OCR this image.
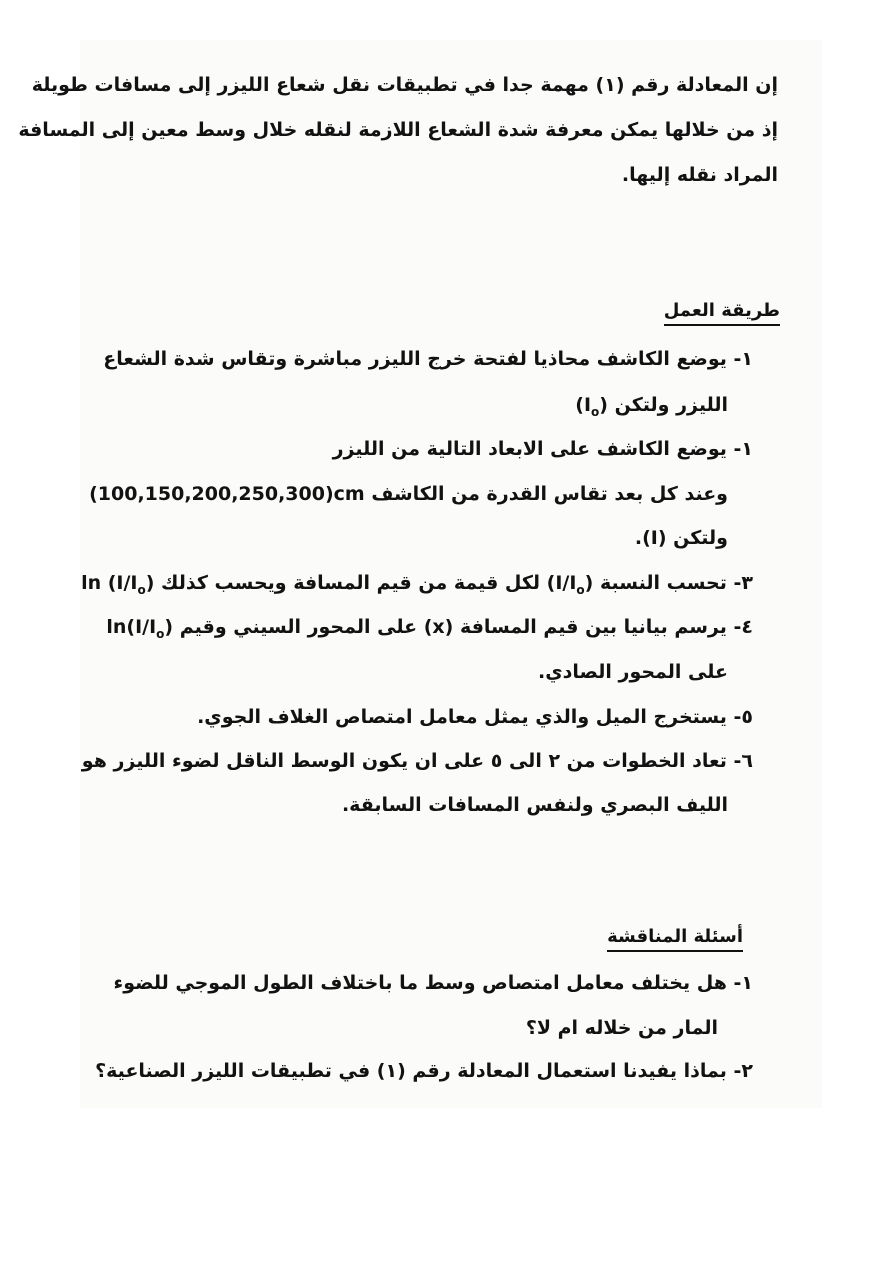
إن المعادلة رقم (١) مهمة جدا في تطبيقات نقل شعاع الليزر إلى مسافات طويلة
إذ من خلالها يمكن معرفة شدة الشعاع اللازمة لنقله خلال وسط معين إلى المسافة
المراد نقله إليها.
طريقة العمل
١- يوضع الكاشف محاذيا لفتحة خرج الليزر مباشرة وتقاس شدة الشعاع
الليزر ولتكن $(I_o)$
١- يوضع الكاشف على الابعاد التالية من الليزر
(100,150,200,250,300)cm وعند كل بعد تقاس القدرة من الكاشف
ولتكن (I).
٣- تحسب النسبة $(I/I_o)$ لكل قيمة من قيم المسافة ويحسب كذلك $\ln (I/I_o)$
٤- يرسم بيانيا بين قيم المسافة (x) على المحور السيني وقيم $\ln(I/I_o)$
على المحور الصادي.
٥- يستخرج الميل والذي يمثل معامل امتصاص الغلاف الجوي.
٦- تعاد الخطوات من ٢ الى ٥ على ان يكون الوسط الناقل لضوء الليزر هو
الليف البصري ولنفس المسافات السابقة.
أسئلة المناقشة
١- هل يختلف معامل امتصاص وسط ما باختلاف الطول الموجي للضوء
المار من خلاله ام لا؟
٢- بماذا يفيدنا استعمال المعادلة رقم (١) في تطبيقات الليزر الصناعية؟
